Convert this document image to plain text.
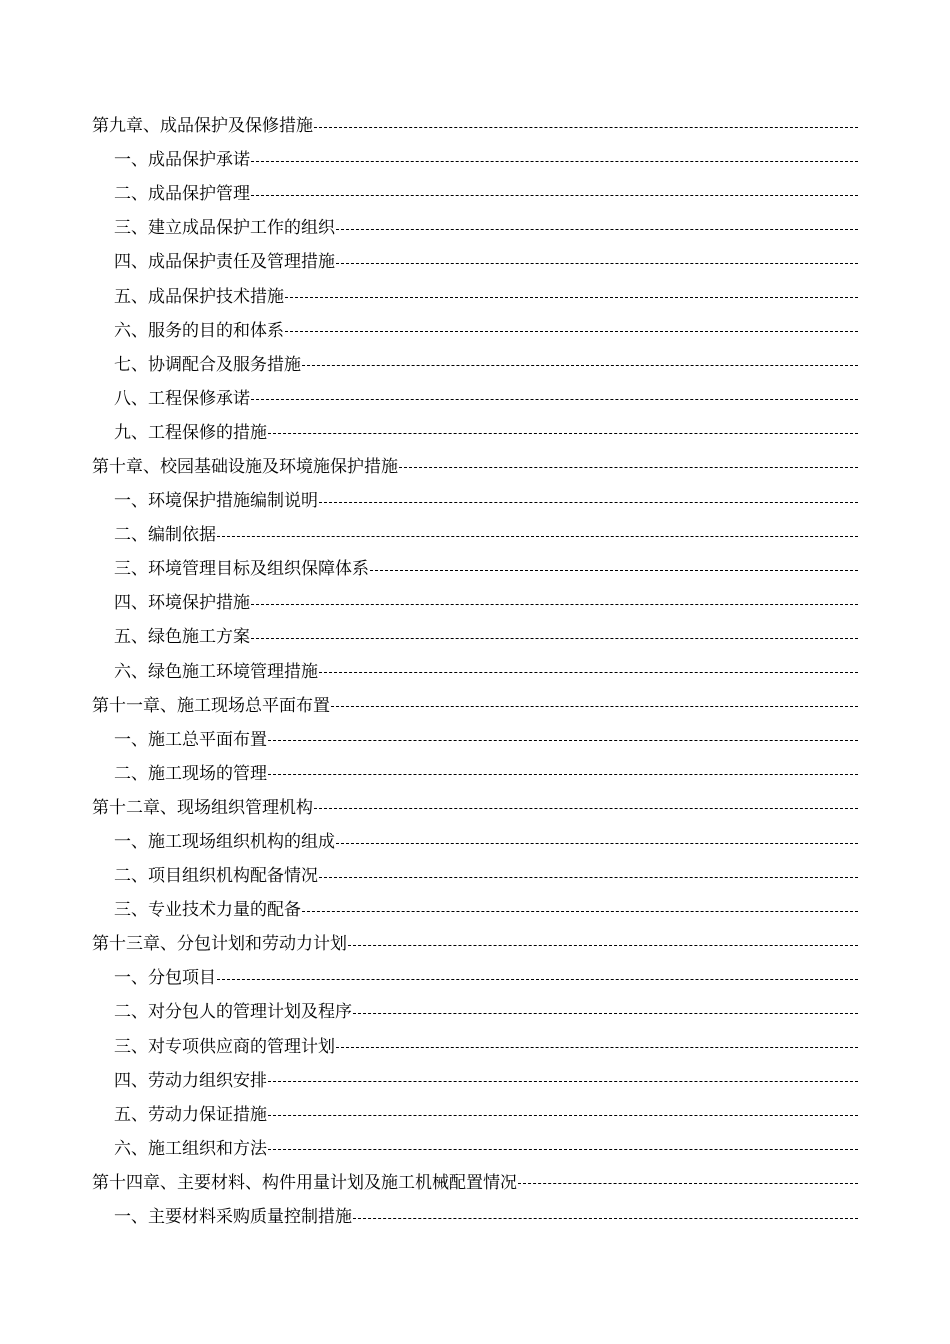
第九章、成品保护及保修措施
一、成品保护承诺
二、成品保护管理
三、建立成品保护工作的组织
四、成品保护责任及管理措施
五、成品保护技术措施
六、服务的目的和体系
七、协调配合及服务措施
八、工程保修承诺
九、工程保修的措施
第十章、校园基础设施及环境施保护措施
一、环境保护措施编制说明
二、编制依据
三、环境管理目标及组织保障体系
四、环境保护措施
五、绿色施工方案
六、绿色施工环境管理措施
第十一章、施工现场总平面布置
一、施工总平面布置
二、施工现场的管理
第十二章、现场组织管理机构
一、施工现场组织机构的组成
二、项目组织机构配备情况
三、专业技术力量的配备
第十三章、分包计划和劳动力计划
一、分包项目
二、对分包人的管理计划及程序
三、对专项供应商的管理计划
四、劳动力组织安排
五、劳动力保证措施
六、施工组织和方法
第十四章、主要材料、构件用量计划及施工机械配置情况
一、主要材料采购质量控制措施
